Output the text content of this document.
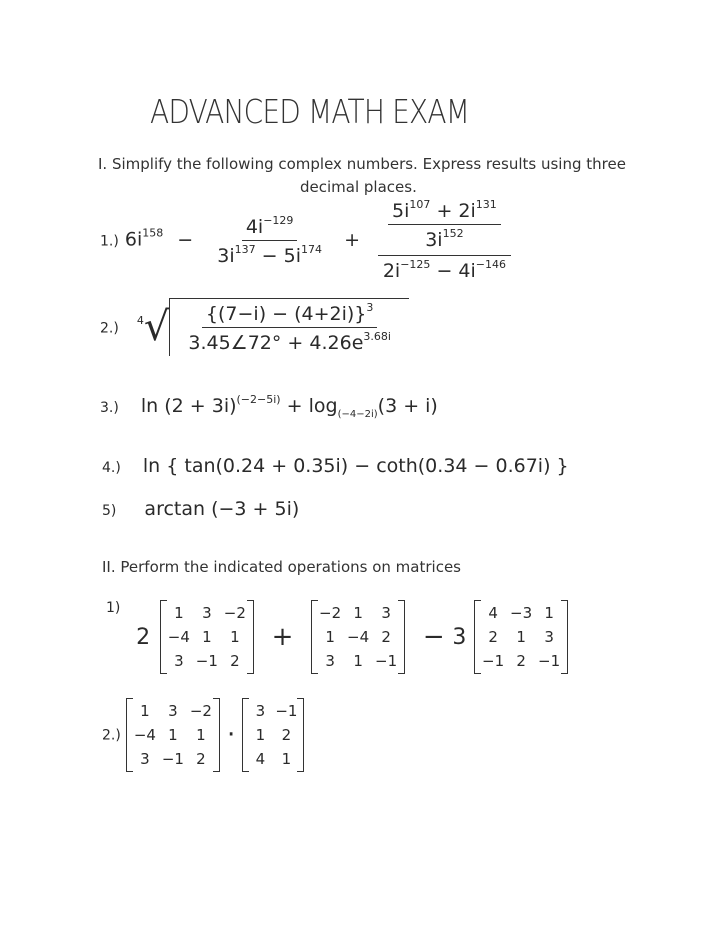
ADVANCED MATH EXAM
I. Simplify the following complex numbers. Express results using three
decimal places.
1.) $6i^{158} - \frac{4i^{-129}}{3i^{137} - 5i^{174}} + \frac{\frac{5i^{107} + 2i^{131}}{3i^{152}}}{2i^{-125} - 4i^{-146}}$
2.) $^4√ \frac{\{(7-i) - (4+2i)\}^3}{3.45\angle 72^\circ + 4.26e^{3.68i}}$
3.) $\ln (2 + 3i)^{(-2-5i)} + \log_{(-4-2i)}(3 + i)$
4.) ln { tan(0.24 + 0.35i) − coth(0.34 − 0.67i) }
5) arctan (−3 + 5i)
II. Perform the indicated operations on matrices
$^{1)}$ 2
1	3 −2
−4 1	1
3 −1 2
+
−2 1	3
1 −4 2
3	1 −1
− 3
4 −3 1
2	1	3
−1 2 −1
2.)
1	3 −2
−4 1	1
3 −1 2
·
3 −1
1	2
4	1
